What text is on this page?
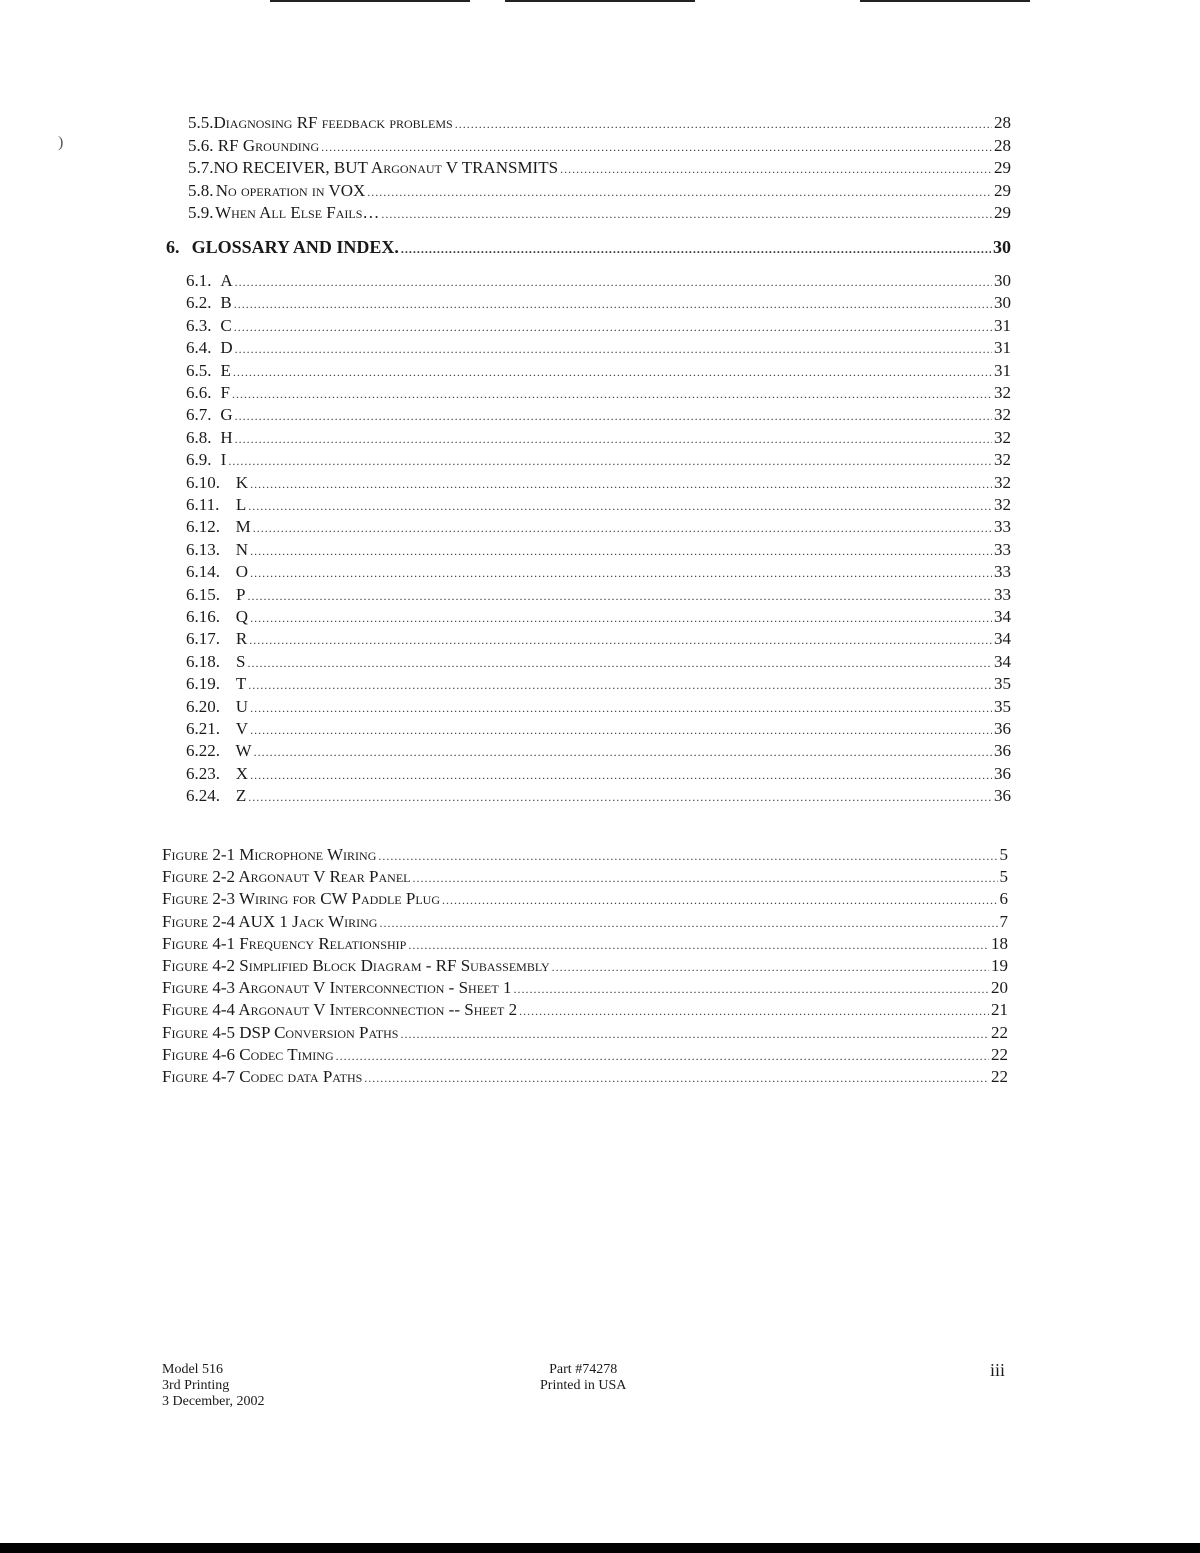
)
5.5. Diagnosing RF feedback problems . . .	28
5.6. RF Grounding . . .	28
5.7. NO RECEIVER, BUT Argonaut V TRANSMITS . . .	29
5.8. No operation in VOX . . .	29
5.9. When All Else Fails… . . .	29
6. GLOSSARY AND INDEX. . . .	30
6.1. A . . .	30
6.2. B . . .	30
6.3. C . . .	31
6.4. D . . .	31
6.5. E . . .	31
6.6. F . . .	32
6.7. G . . .	32
6.8. H . . .	32
6.9. I . . .	32
6.10. K . . .	32
6.11. L . . .	32
6.12. M . . .	33
6.13. N . . .	33
6.14. O . . .	33
6.15. P . . .	33
6.16. Q . . .	34
6.17. R . . .	34
6.18. S . . .	34
6.19. T . . .	35
6.20. U . . .	35
6.21. V . . .	36
6.22. W . . .	36
6.23. X . . .	36
6.24. Z . . .	36
Figure 2-1 Microphone Wiring . . .	5
Figure 2-2 Argonaut V Rear Panel . . .	5
Figure 2-3 Wiring for CW Paddle Plug . . .	6
Figure 2-4 AUX 1 Jack Wiring . . .	7
Figure 4-1 Frequency Relationship . . .	18
Figure 4-2 Simplified Block Diagram - RF Subassembly . . .	19
Figure 4-3 Argonaut V Interconnection - Sheet 1 . . .	20
Figure 4-4 Argonaut V Interconnection -- Sheet 2 . . .	21
Figure 4-5 DSP Conversion Paths . . .	22
Figure 4-6 Codec Timing . . .	22
Figure 4-7 Codec data Paths . . .	22
Model 516
3rd Printing
3 December, 2002
Part #74278
Printed in USA
iii
